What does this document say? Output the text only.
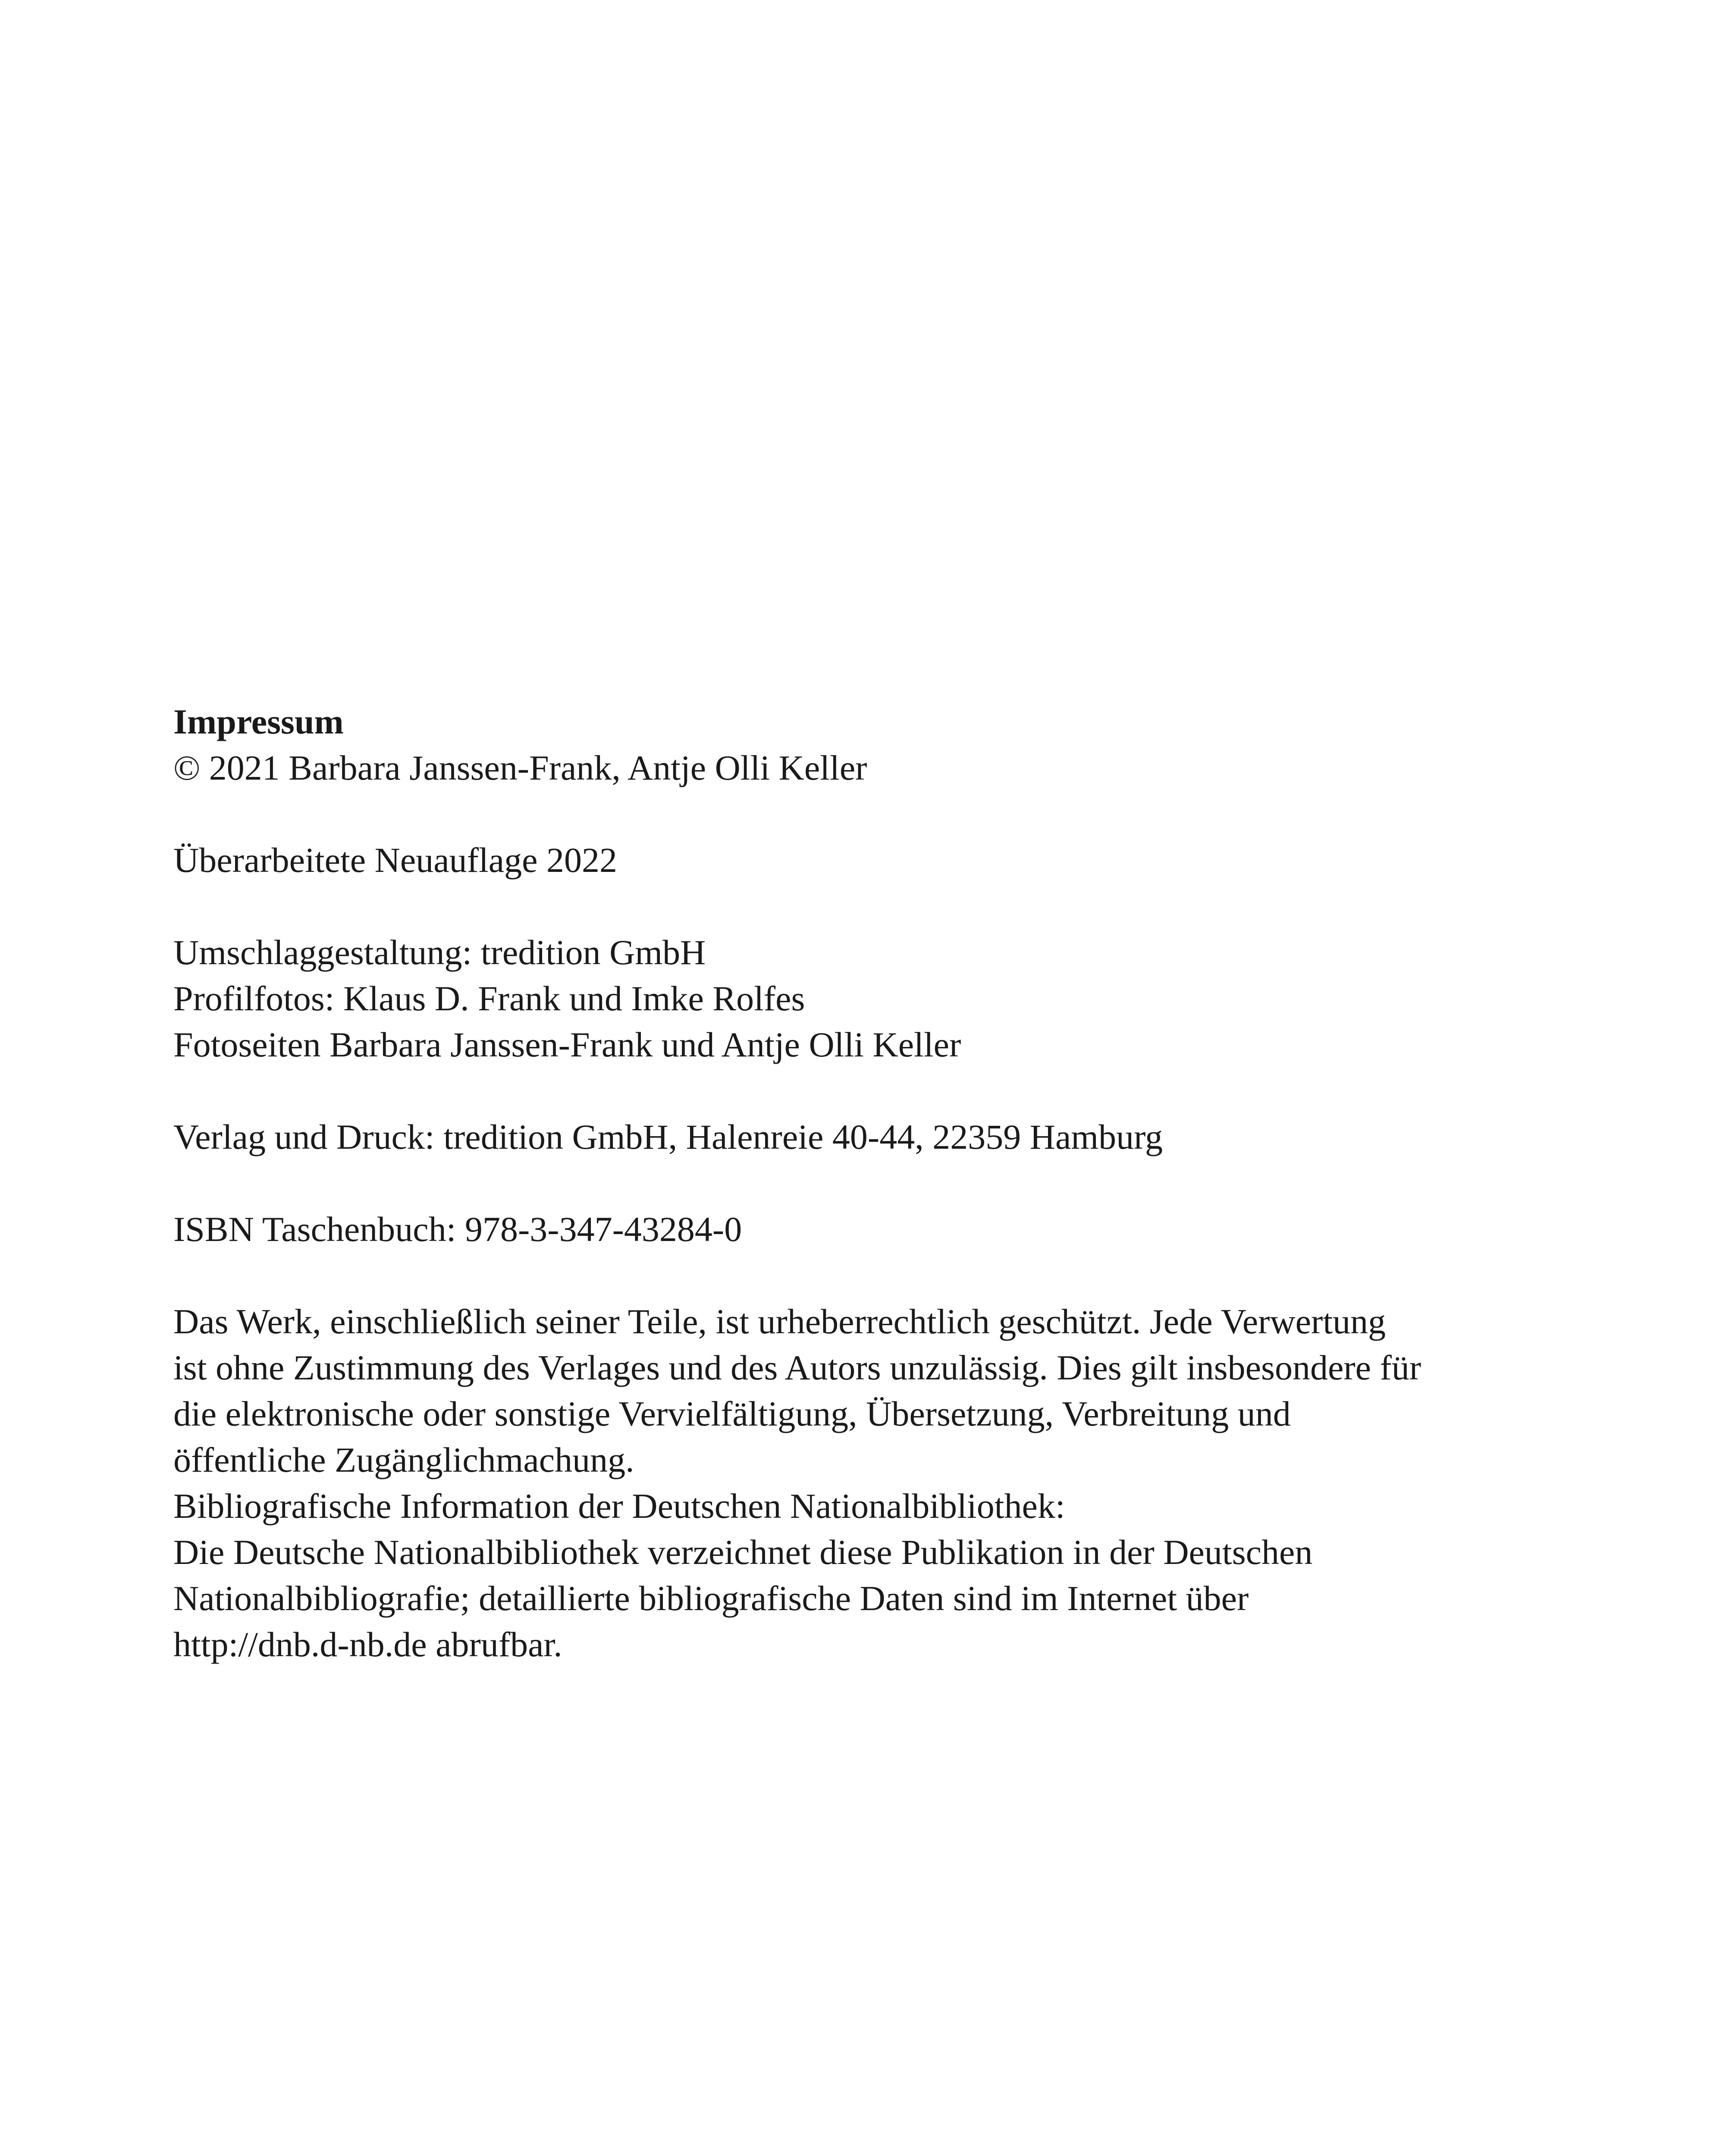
Impressum
© 2021 Barbara Janssen-Frank, Antje Olli Keller
Überarbeitete Neuauflage 2022
Umschlaggestaltung: tredition GmbH
Profilfotos: Klaus D. Frank und Imke Rolfes
Fotoseiten Barbara Janssen-Frank und Antje Olli Keller
Verlag und Druck: tredition GmbH, Halenreie 40-44, 22359 Hamburg
ISBN Taschenbuch: 978-3-347-43284-0
Das Werk, einschließlich seiner Teile, ist urheberrechtlich geschützt. Jede Verwertung
ist ohne Zustimmung des Verlages und des Autors unzulässig. Dies gilt insbesondere für
die elektronische oder sonstige Vervielfältigung, Übersetzung, Verbreitung und
öffentliche Zugänglichmachung.
Bibliografische Information der Deutschen Nationalbibliothek:
Die Deutsche Nationalbibliothek verzeichnet diese Publikation in der Deutschen
Nationalbibliografie; detaillierte bibliografische Daten sind im Internet über
http://dnb.d-nb.de abrufbar.
